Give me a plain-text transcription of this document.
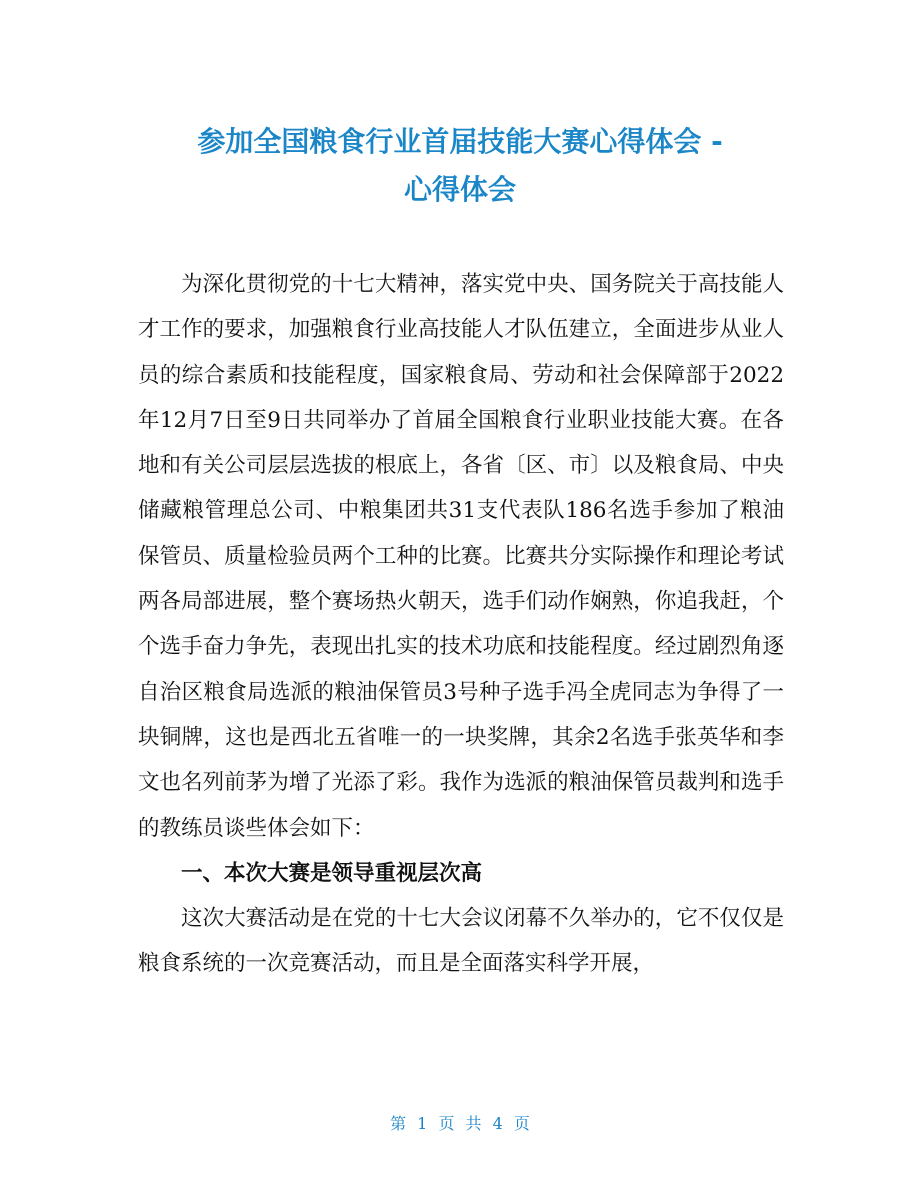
参加全国粮食行业首届技能大赛心得体会 -
心得体会

为深化贯彻党的十七大精神，落实党中央、国务院关于高技能人才工作的要求，加强粮食行业高技能人才队伍建立，全面进步从业人员的综合素质和技能程度，国家粮食局、劳动和社会保障部于2022年12月7日至9日共同举办了首届全国粮食行业职业技能大赛。在各地和有关公司层层选拔的根底上，各省〔区、市〕以及粮食局、中央储藏粮管理总公司、中粮集团共31支代表队186名选手参加了粮油保管员、质量检验员两个工种的比赛。比赛共分实际操作和理论考试两各局部进展，整个赛场热火朝天，选手们动作娴熟，你追我赶，个个选手奋力争先，表现出扎实的技术功底和技能程度。经过剧烈角逐自治区粮食局选派的粮油保管员3号种子选手冯全虎同志为争得了一块铜牌，这也是西北五省唯一的一块奖牌，其余2名选手张英华和李文也名列前茅为增了光添了彩。我作为选派的粮油保管员裁判和选手的教练员谈些体会如下：

一、本次大赛是领导重视层次高

这次大赛活动是在党的十七大会议闭幕不久举办的，它不仅仅是粮食系统的一次竞赛活动，而且是全面落实科学开展，

第 1 页 共 4 页
